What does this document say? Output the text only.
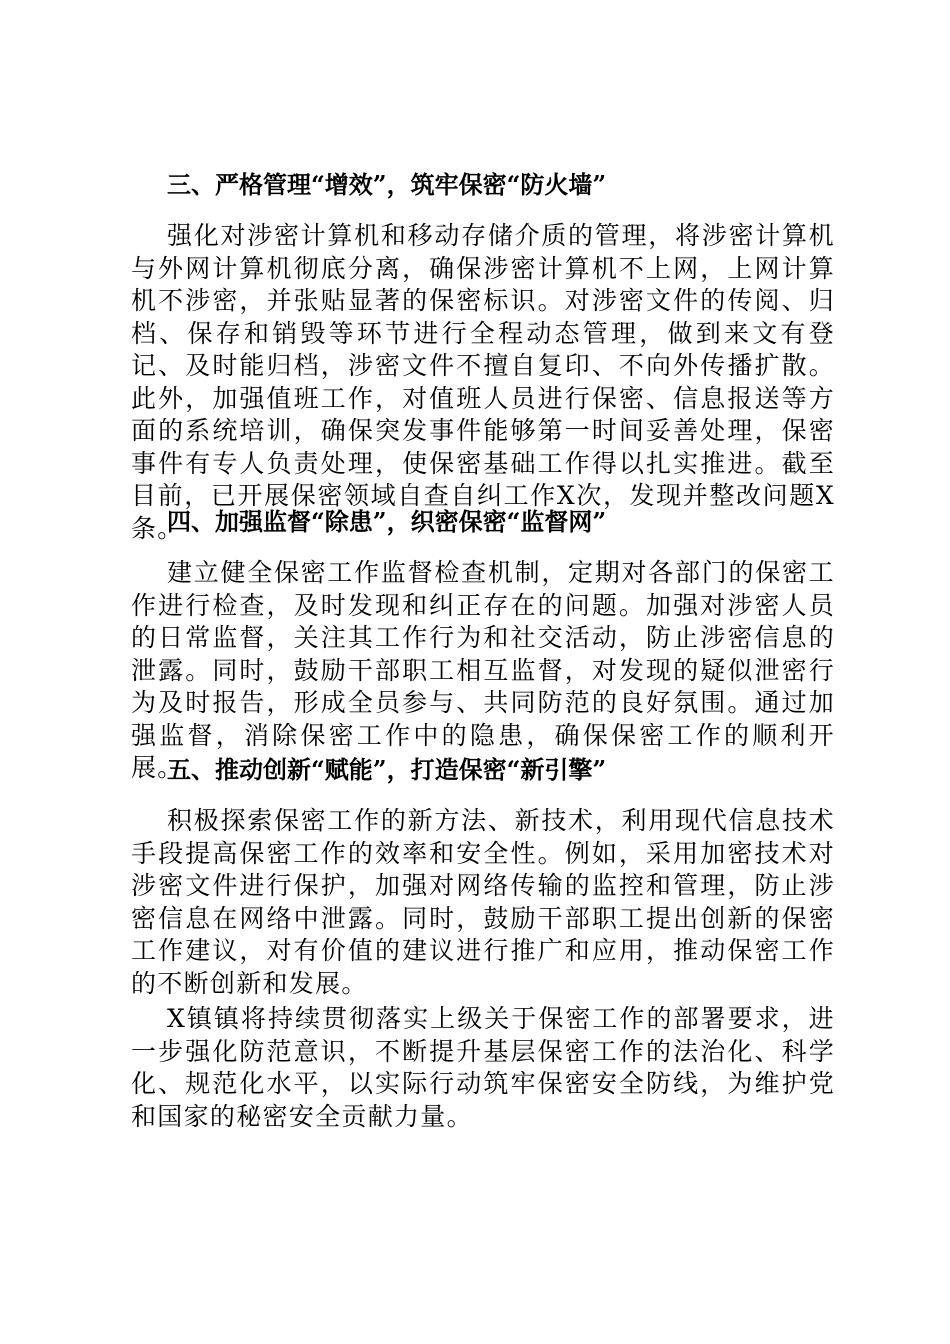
三、严格管理“增效”，筑牢保密“防火墙”

强化对涉密计算机和移动存储介质的管理，将涉密计算机与外网计算机彻底分离，确保涉密计算机不上网，上网计算机不涉密，并张贴显著的保密标识。对涉密文件的传阅、归档、保存和销毁等环节进行全程动态管理，做到来文有登记、及时能归档，涉密文件不擅自复印、不向外传播扩散。此外，加强值班工作，对值班人员进行保密、信息报送等方面的系统培训，确保突发事件能够第一时间妥善处理，保密事件有专人负责处理，使保密基础工作得以扎实推进。截至目前，已开展保密领域自查自纠工作X次，发现并整改问题X条。

四、加强监督“除患”，织密保密“监督网”

建立健全保密工作监督检查机制，定期对各部门的保密工作进行检查，及时发现和纠正存在的问题。加强对涉密人员的日常监督，关注其工作行为和社交活动，防止涉密信息的泄露。同时，鼓励干部职工相互监督，对发现的疑似泄密行为及时报告，形成全员参与、共同防范的良好氛围。通过加强监督，消除保密工作中的隐患，确保保密工作的顺利开展。

五、推动创新“赋能”，打造保密“新引擎”

积极探索保密工作的新方法、新技术，利用现代信息技术手段提高保密工作的效率和安全性。例如，采用加密技术对涉密文件进行保护，加强对网络传输的监控和管理，防止涉密信息在网络中泄露。同时，鼓励干部职工提出创新的保密工作建议，对有价值的建议进行推广和应用，推动保密工作的不断创新和发展。

X镇镇将持续贯彻落实上级关于保密工作的部署要求，进一步强化防范意识，不断提升基层保密工作的法治化、科学化、规范化水平，以实际行动筑牢保密安全防线，为维护党和国家的秘密安全贡献力量。
